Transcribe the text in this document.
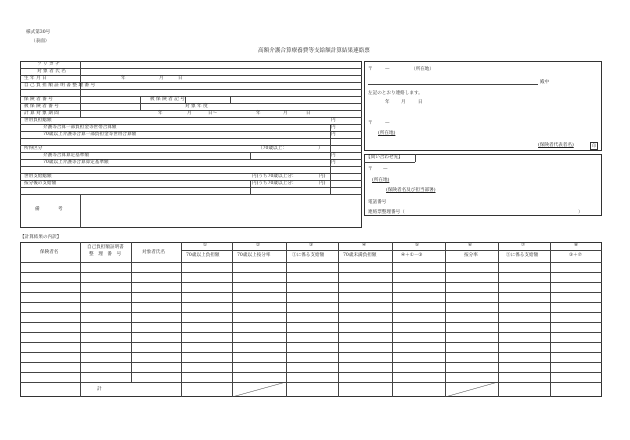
様式第30号
（表面）
高額介護合算療養費等支給額計算結果連絡票
フ リ ガ ナ
対 象 者 氏 名
生 年 月 日	年	月	日
自 己 負 担 額 証 明 書 整 理 番 号
保 険 者 番 号	被 保 険 者 記 号
被 保 険 者 番 号	対 象 年 度
計 算 対 象 期 間	年	月	日～	年	月	日
世帯負担総額	円
介護等合算一部負担金等世帯合算額	円
70歳以上介護等合算一部負担金等世帯合算額	円
所得区分	（70歳以上：	）
介護等合算算定基準額	円
70歳以上介護等合算算定基準額	円
世帯支給総額	円(うち70歳以上分：	円)
按分後の支給額	円(うち70歳以上分：	円)
備　　　　考
〒	—	（所在地）
殿中
左記のとおり連絡します。
年 月	日
〒	—
(所在地)
(保険者代表者名)	印
【問い合わせ先】
〒 —
(所在地)
(保険者名及び担当部署)
電話番号
連絡票整理番号（	）
【計算結果の内訳】
保険者名
自己負担額証明書
整　理　番　号	対象者氏名
①	②	③	④	⑤	⑥	⑦	⑧
70歳以上負担額	70歳以上按分率	①に係る支給額	70歳未満負担額	④＋①－③	按分率	⑤に係る支給額	③＋⑦
計
